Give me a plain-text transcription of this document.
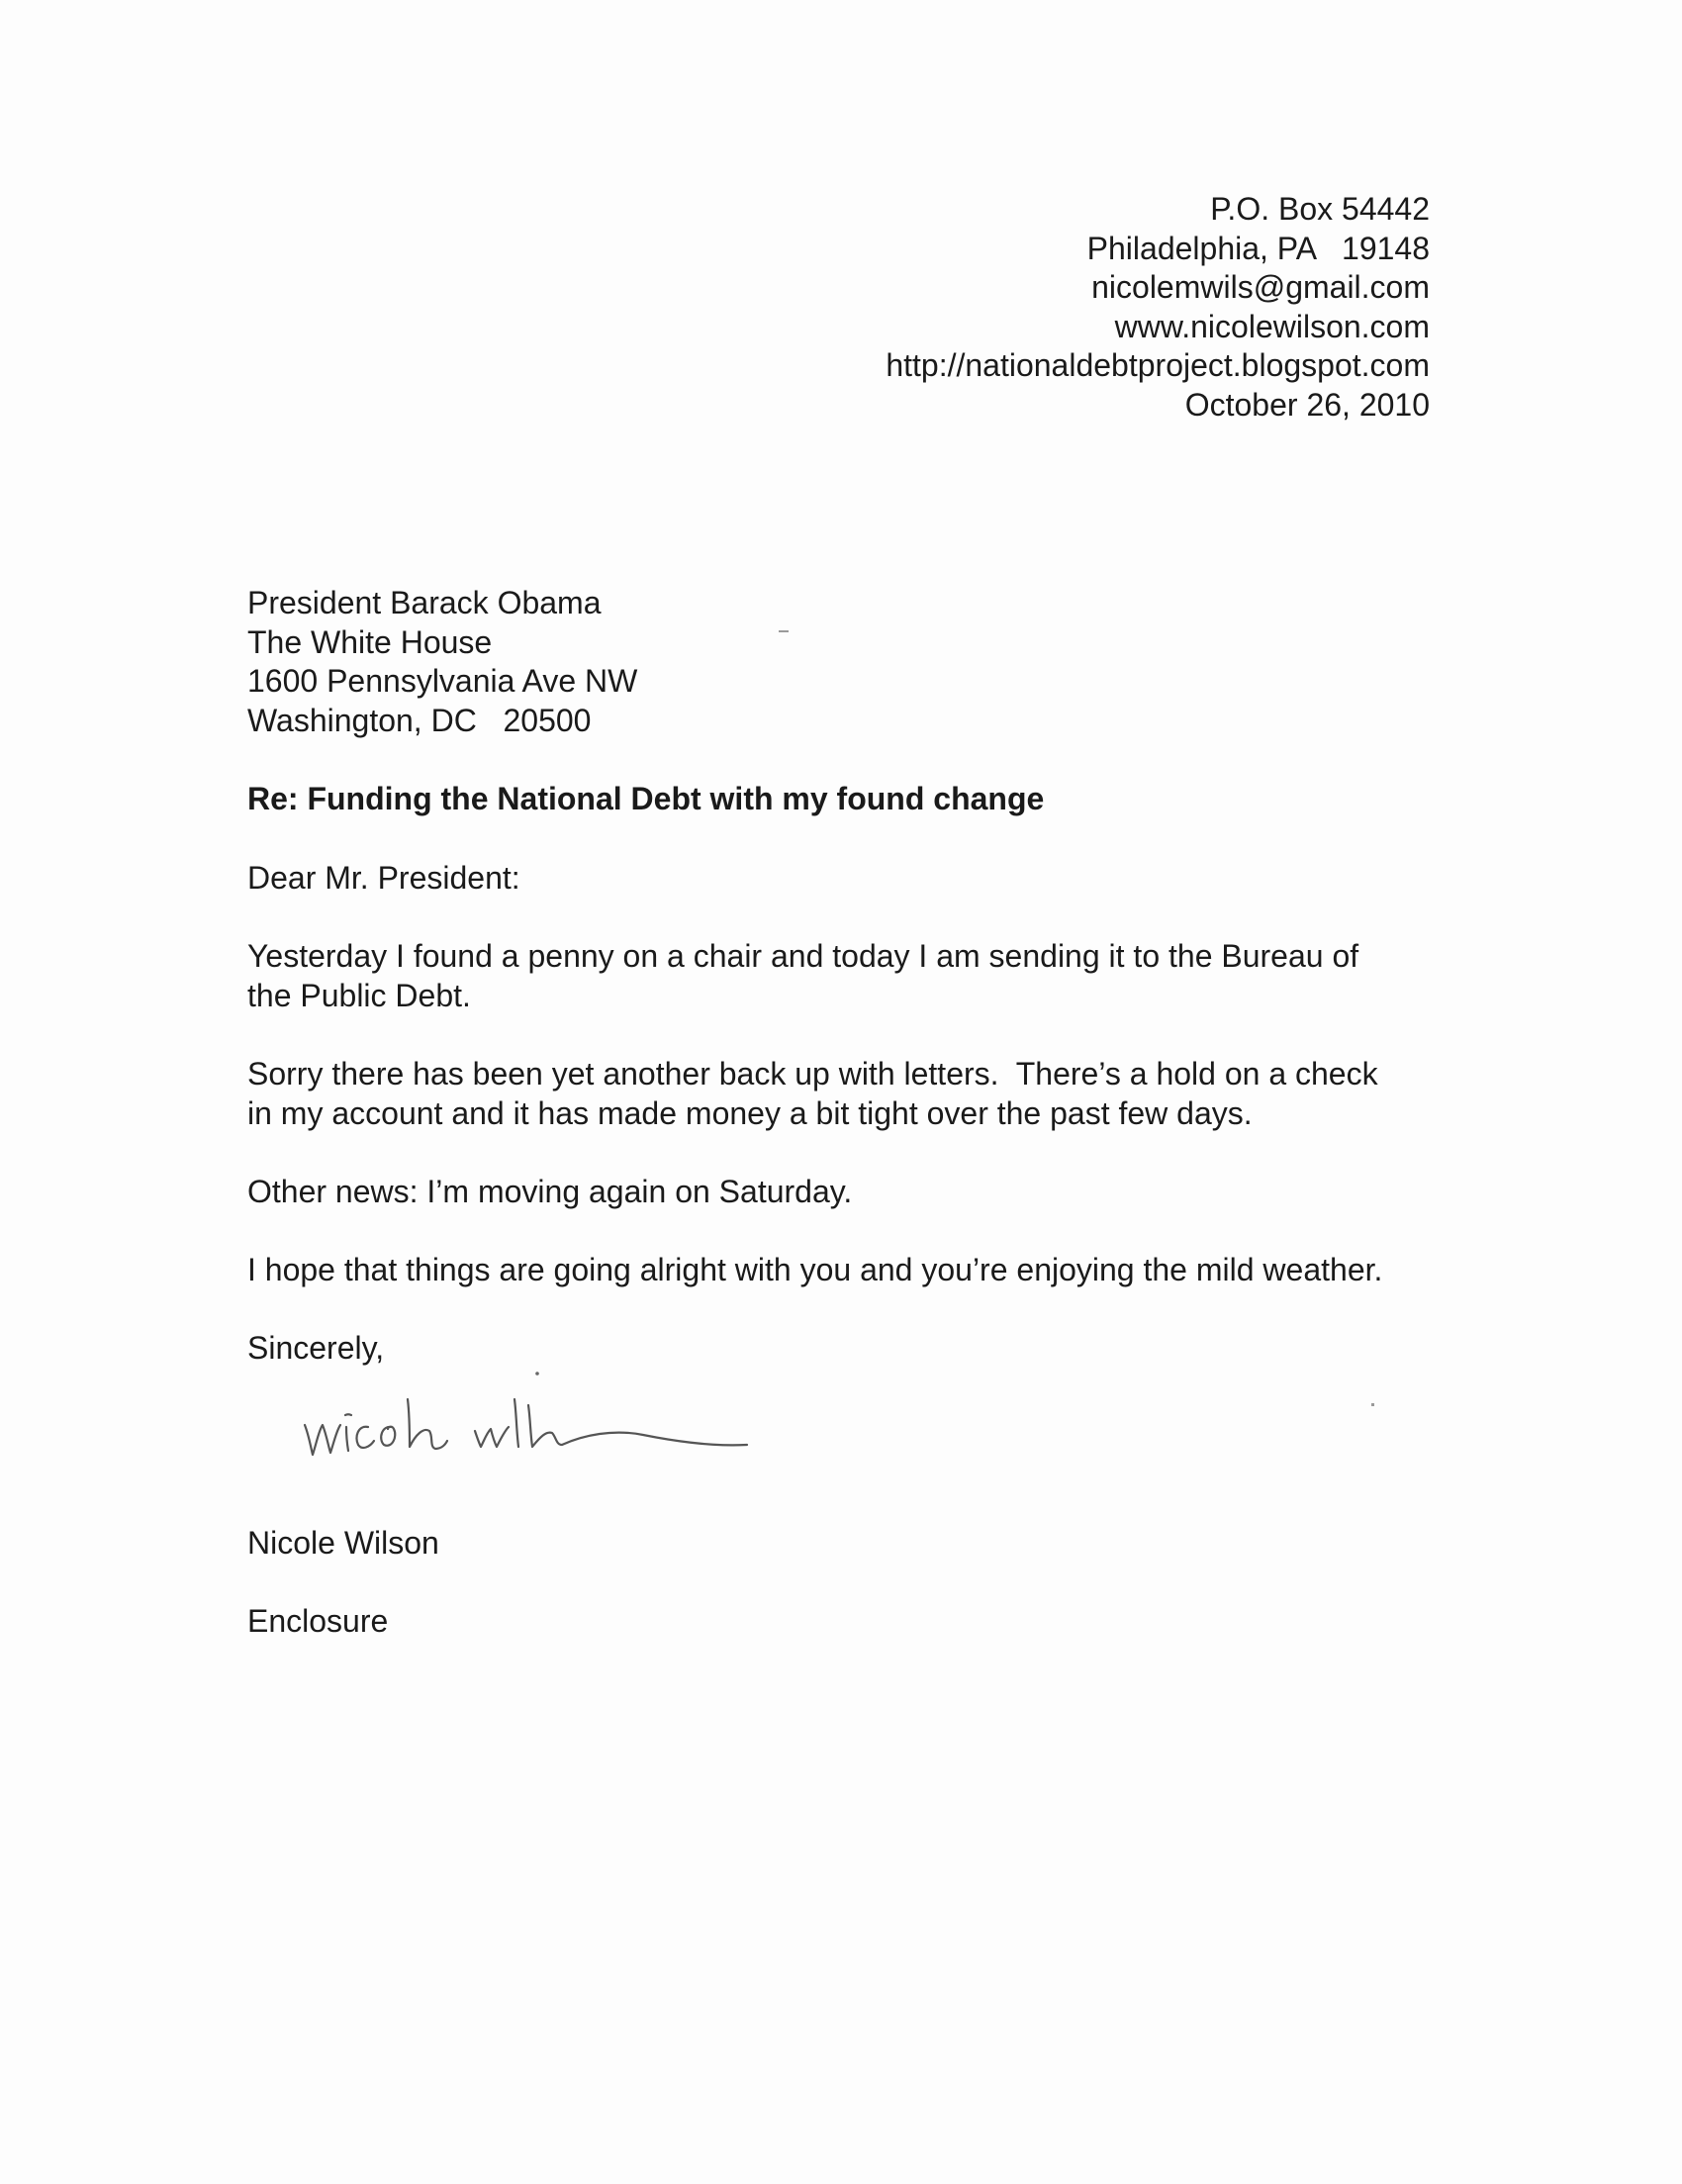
P.O. Box 54442
Philadelphia, PA   19148
nicolemwils@gmail.com
www.nicolewilson.com
http://nationaldebtproject.blogspot.com
October 26, 2010
President Barack Obama
The White House
1600 Pennsylvania Ave NW
Washington, DC   20500
Re: Funding the National Debt with my found change
Dear Mr. President:
Yesterday I found a penny on a chair and today I am sending it to the Bureau of
the Public Debt.
Sorry there has been yet another back up with letters.  There’s a hold on a check
in my account and it has made money a bit tight over the past few days.
Other news: I’m moving again on Saturday.
I hope that things are going alright with you and you’re enjoying the mild weather.
Sincerely,
Nicole Wilson
Enclosure
